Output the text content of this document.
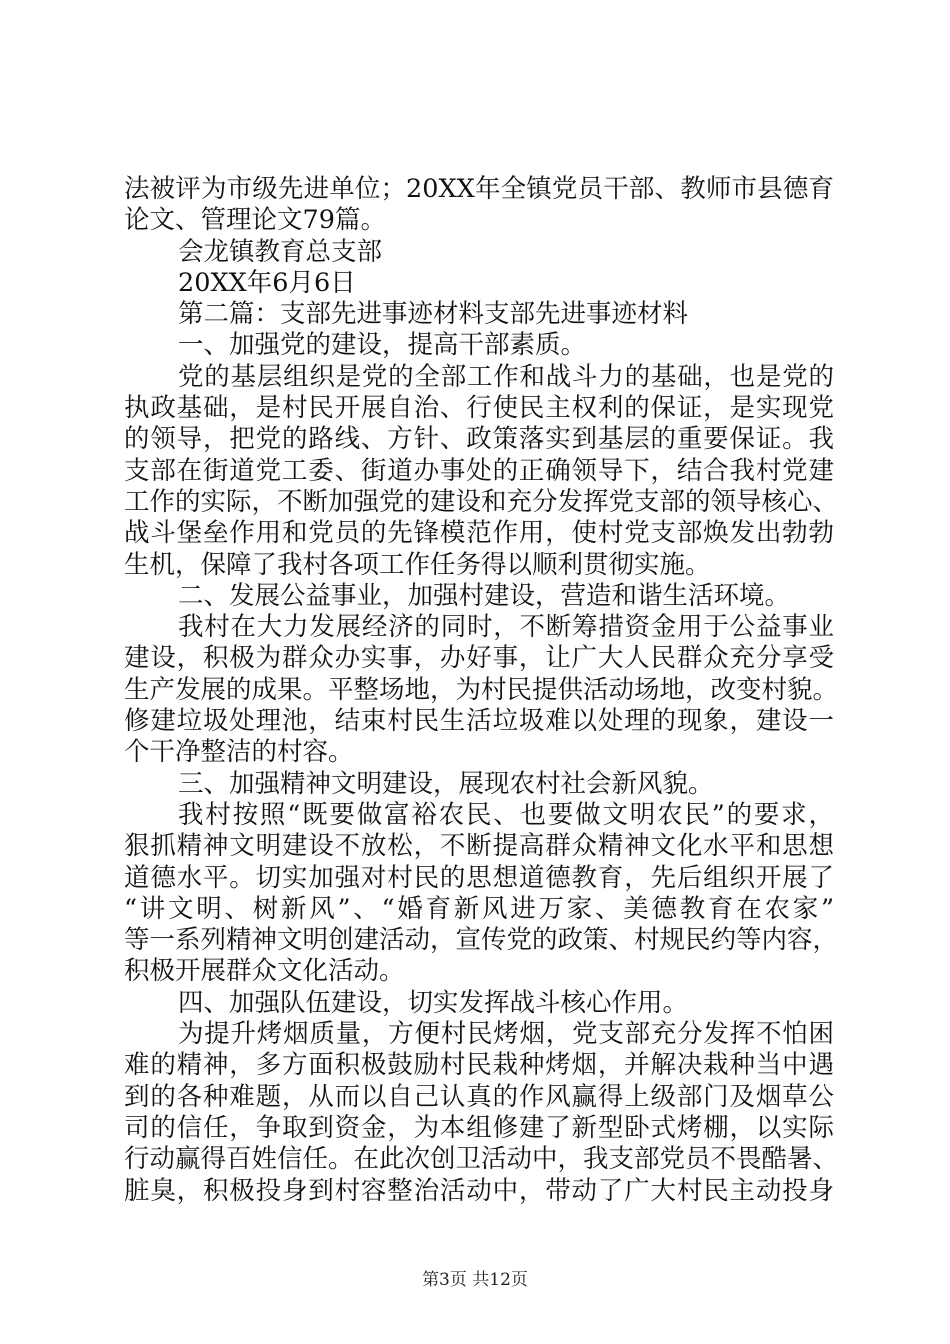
法被评为市级先进单位；20XX年全镇党员干部、教师市县德育
论文、管理论文79篇。
会龙镇教育总支部
20XX年6月6日
第二篇：支部先进事迹材料支部先进事迹材料
一、加强党的建设，提高干部素质。
党的基层组织是党的全部工作和战斗力的基础，也是党的
执政基础，是村民开展自治、行使民主权利的保证，是实现党
的领导，把党的路线、方针、政策落实到基层的重要保证。我
支部在街道党工委、街道办事处的正确领导下，结合我村党建
工作的实际，不断加强党的建设和充分发挥党支部的领导核心、
战斗堡垒作用和党员的先锋模范作用，使村党支部焕发出勃勃
生机，保障了我村各项工作任务得以顺利贯彻实施。
二、发展公益事业，加强村建设，营造和谐生活环境。
我村在大力发展经济的同时，不断筹措资金用于公益事业
建设，积极为群众办实事，办好事，让广大人民群众充分享受
生产发展的成果。平整场地，为村民提供活动场地，改变村貌。
修建垃圾处理池，结束村民生活垃圾难以处理的现象，建设一
个干净整洁的村容。
三、加强精神文明建设，展现农村社会新风貌。
我村按照“既要做富裕农民、也要做文明农民”的要求，
狠抓精神文明建设不放松，不断提高群众精神文化水平和思想
道德水平。切实加强对村民的思想道德教育，先后组织开展了
“讲文明、树新风”、“婚育新风进万家、美德教育在农家”
等一系列精神文明创建活动，宣传党的政策、村规民约等内容，
积极开展群众文化活动。
四、加强队伍建设，切实发挥战斗核心作用。
为提升烤烟质量，方便村民烤烟，党支部充分发挥不怕困
难的精神，多方面积极鼓励村民栽种烤烟，并解决栽种当中遇
到的各种难题，从而以自己认真的作风赢得上级部门及烟草公
司的信任，争取到资金，为本组修建了新型卧式烤棚，以实际
行动赢得百姓信任。在此次创卫活动中，我支部党员不畏酷暑、
脏臭，积极投身到村容整治活动中，带动了广大村民主动投身
第3页 共12页
